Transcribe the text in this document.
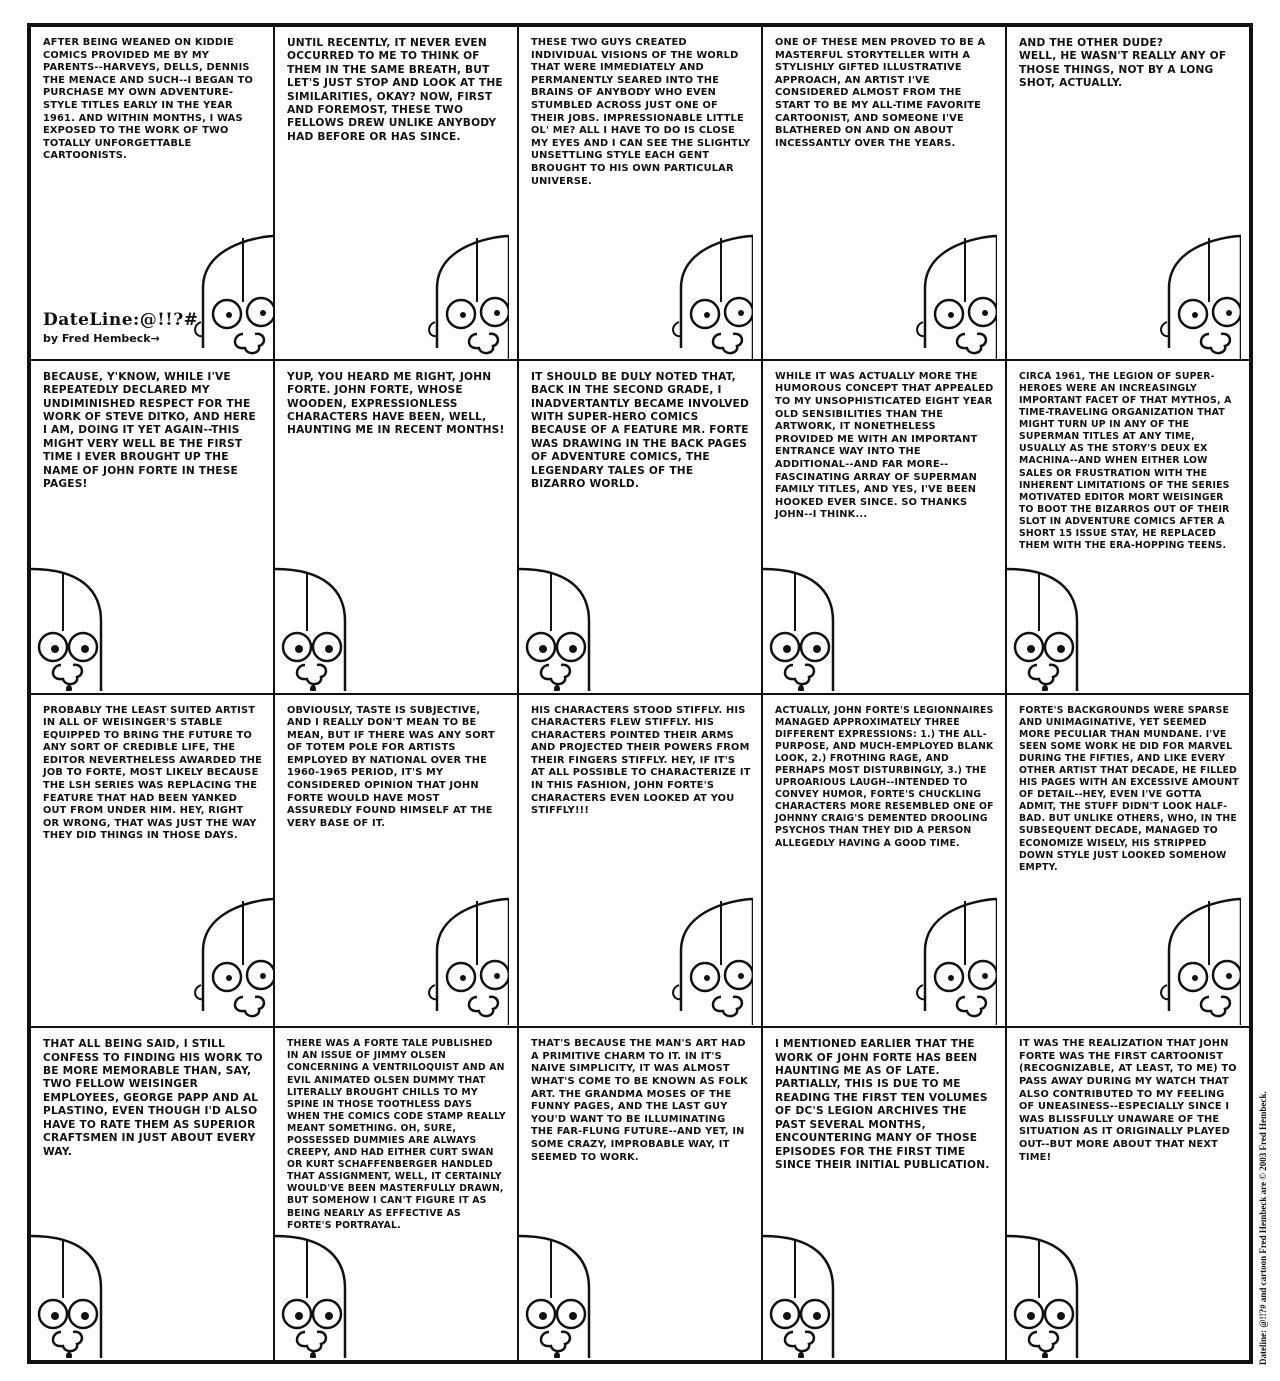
AFTER BEING WEANED ON KIDDIE COMICS PROVIDED ME BY MY PARENTS--HARVEYS, DELLS, DENNIS THE MENACE AND SUCH--I BEGAN TO PURCHASE MY OWN ADVENTURE-STYLE TITLES EARLY IN THE YEAR 1961. AND WITHIN MONTHS, I WAS EXPOSED TO THE WORK OF TWO TOTALLY UNFORGETTABLE CARTOONISTS.
DateLine:@!!?#
by Fred Hembeck→
UNTIL RECENTLY, IT NEVER EVEN OCCURRED TO ME TO THINK OF THEM IN THE SAME BREATH, BUT LET'S JUST STOP AND LOOK AT THE SIMILARITIES, OKAY? NOW, FIRST AND FOREMOST, THESE TWO FELLOWS DREW UNLIKE ANYBODY HAD BEFORE OR HAS SINCE.
THESE TWO GUYS CREATED INDIVIDUAL VISIONS OF THE WORLD THAT WERE IMMEDIATELY AND PERMANENTLY SEARED INTO THE BRAINS OF ANYBODY WHO EVEN STUMBLED ACROSS JUST ONE OF THEIR JOBS. IMPRESSIONABLE LITTLE OL' ME? ALL I HAVE TO DO IS CLOSE MY EYES AND I CAN SEE THE SLIGHTLY UNSETTLING STYLE EACH GENT BROUGHT TO HIS OWN PARTICULAR UNIVERSE.
ONE OF THESE MEN PROVED TO BE A MASTERFUL STORYTELLER WITH A STYLISHLY GIFTED ILLUSTRATIVE APPROACH, AN ARTIST I'VE CONSIDERED ALMOST FROM THE START TO BE MY ALL-TIME FAVORITE CARTOONIST, AND SOMEONE I'VE BLATHERED ON AND ON ABOUT INCESSANTLY OVER THE YEARS.
AND THE OTHER DUDE?
WELL, HE WASN'T REALLY ANY OF THOSE THINGS, NOT BY A LONG SHOT, ACTUALLY.
BECAUSE, Y'KNOW, WHILE I'VE REPEATEDLY DECLARED MY UNDIMINISHED RESPECT FOR THE WORK OF STEVE DITKO, AND HERE I AM, DOING IT YET AGAIN--THIS MIGHT VERY WELL BE THE FIRST TIME I EVER BROUGHT UP THE NAME OF JOHN FORTE IN THESE PAGES!
YUP, YOU HEARD ME RIGHT, JOHN FORTE. JOHN FORTE, WHOSE WOODEN, EXPRESSIONLESS CHARACTERS HAVE BEEN, WELL, HAUNTING ME IN RECENT MONTHS!
IT SHOULD BE DULY NOTED THAT, BACK IN THE SECOND GRADE, I INADVERTANTLY BECAME INVOLVED WITH SUPER-HERO COMICS BECAUSE OF A FEATURE MR. FORTE WAS DRAWING IN THE BACK PAGES OF ADVENTURE COMICS, THE LEGENDARY TALES OF THE BIZARRO WORLD.
WHILE IT WAS ACTUALLY MORE THE HUMOROUS CONCEPT THAT APPEALED TO MY UNSOPHISTICATED EIGHT YEAR OLD SENSIBILITIES THAN THE ARTWORK, IT NONETHELESS PROVIDED ME WITH AN IMPORTANT ENTRANCE WAY INTO THE ADDITIONAL--AND FAR MORE--FASCINATING ARRAY OF SUPERMAN FAMILY TITLES, AND YES, I'VE BEEN HOOKED EVER SINCE. SO THANKS JOHN--I THINK...
CIRCA 1961, THE LEGION OF SUPER-HEROES WERE AN INCREASINGLY IMPORTANT FACET OF THAT MYTHOS, A TIME-TRAVELING ORGANIZATION THAT MIGHT TURN UP IN ANY OF THE SUPERMAN TITLES AT ANY TIME, USUALLY AS THE STORY'S DEUX EX MACHINA--AND WHEN EITHER LOW SALES OR FRUSTRATION WITH THE INHERENT LIMITATIONS OF THE SERIES MOTIVATED EDITOR MORT WEISINGER TO BOOT THE BIZARROS OUT OF THEIR SLOT IN ADVENTURE COMICS AFTER A SHORT 15 ISSUE STAY, HE REPLACED THEM WITH THE ERA-HOPPING TEENS.
PROBABLY THE LEAST SUITED ARTIST IN ALL OF WEISINGER'S STABLE EQUIPPED TO BRING THE FUTURE TO ANY SORT OF CREDIBLE LIFE, THE EDITOR NEVERTHELESS AWARDED THE JOB TO FORTE, MOST LIKELY BECAUSE THE LSH SERIES WAS REPLACING THE FEATURE THAT HAD BEEN YANKED OUT FROM UNDER HIM. HEY, RIGHT OR WRONG, THAT WAS JUST THE WAY THEY DID THINGS IN THOSE DAYS.
OBVIOUSLY, TASTE IS SUBJECTIVE, AND I REALLY DON'T MEAN TO BE MEAN, BUT IF THERE WAS ANY SORT OF TOTEM POLE FOR ARTISTS EMPLOYED BY NATIONAL OVER THE 1960-1965 PERIOD, IT'S MY CONSIDERED OPINION THAT JOHN FORTE WOULD HAVE MOST ASSUREDLY FOUND HIMSELF AT THE VERY BASE OF IT.
HIS CHARACTERS STOOD STIFFLY. HIS CHARACTERS FLEW STIFFLY. HIS CHARACTERS POINTED THEIR ARMS AND PROJECTED THEIR POWERS FROM THEIR FINGERS STIFFLY. HEY, IF IT'S AT ALL POSSIBLE TO CHARACTERIZE IT IN THIS FASHION, JOHN FORTE'S CHARACTERS EVEN LOOKED AT YOU STIFFLY!!!
ACTUALLY, JOHN FORTE'S LEGIONNAIRES MANAGED APPROXIMATELY THREE DIFFERENT EXPRESSIONS: 1.) THE ALL-PURPOSE, AND MUCH-EMPLOYED BLANK LOOK, 2.) FROTHING RAGE, AND PERHAPS MOST DISTURBINGLY, 3.) THE UPROARIOUS LAUGH--INTENDED TO CONVEY HUMOR, FORTE'S CHUCKLING CHARACTERS MORE RESEMBLED ONE OF JOHNNY CRAIG'S DEMENTED DROOLING PSYCHOS THAN THEY DID A PERSON ALLEGEDLY HAVING A GOOD TIME.
FORTE'S BACKGROUNDS WERE SPARSE AND UNIMAGINATIVE, YET SEEMED MORE PECULIAR THAN MUNDANE. I'VE SEEN SOME WORK HE DID FOR MARVEL DURING THE FIFTIES, AND LIKE EVERY OTHER ARTIST THAT DECADE, HE FILLED HIS PAGES WITH AN EXCESSIVE AMOUNT OF DETAIL--HEY, EVEN I'VE GOTTA ADMIT, THE STUFF DIDN'T LOOK HALF-BAD. BUT UNLIKE OTHERS, WHO, IN THE SUBSEQUENT DECADE, MANAGED TO ECONOMIZE WISELY, HIS STRIPPED DOWN STYLE JUST LOOKED SOMEHOW EMPTY.
THAT ALL BEING SAID, I STILL CONFESS TO FINDING HIS WORK TO BE MORE MEMORABLE THAN, SAY, TWO FELLOW WEISINGER EMPLOYEES, GEORGE PAPP AND AL PLASTINO, EVEN THOUGH I'D ALSO HAVE TO RATE THEM AS SUPERIOR CRAFTSMEN IN JUST ABOUT EVERY WAY.
THERE WAS A FORTE TALE PUBLISHED IN AN ISSUE OF JIMMY OLSEN CONCERNING A VENTRILOQUIST AND AN EVIL ANIMATED OLSEN DUMMY THAT LITERALLY BROUGHT CHILLS TO MY SPINE IN THOSE TOOTHLESS DAYS WHEN THE COMICS CODE STAMP REALLY MEANT SOMETHING. OH, SURE, POSSESSED DUMMIES ARE ALWAYS CREEPY, AND HAD EITHER CURT SWAN OR KURT SCHAFFENBERGER HANDLED THAT ASSIGNMENT, WELL, IT CERTAINLY WOULD'VE BEEN MASTERFULLY DRAWN, BUT SOMEHOW I CAN'T FIGURE IT AS BEING NEARLY AS EFFECTIVE AS FORTE'S PORTRAYAL.
THAT'S BECAUSE THE MAN'S ART HAD A PRIMITIVE CHARM TO IT. IN IT'S NAIVE SIMPLICITY, IT WAS ALMOST WHAT'S COME TO BE KNOWN AS FOLK ART. THE GRANDMA MOSES OF THE FUNNY PAGES, AND THE LAST GUY YOU'D WANT TO BE ILLUMINATING THE FAR-FLUNG FUTURE--AND YET, IN SOME CRAZY, IMPROBABLE WAY, IT SEEMED TO WORK.
I MENTIONED EARLIER THAT THE WORK OF JOHN FORTE HAS BEEN HAUNTING ME AS OF LATE. PARTIALLY, THIS IS DUE TO ME READING THE FIRST TEN VOLUMES OF DC'S LEGION ARCHIVES THE PAST SEVERAL MONTHS, ENCOUNTERING MANY OF THOSE EPISODES FOR THE FIRST TIME SINCE THEIR INITIAL PUBLICATION.
IT WAS THE REALIZATION THAT JOHN FORTE WAS THE FIRST CARTOONIST (RECOGNIZABLE, AT LEAST, TO ME) TO PASS AWAY DURING MY WATCH THAT ALSO CONTRIBUTED TO MY FEELING OF UNEASINESS--ESPECIALLY SINCE I WAS BLISSFULLY UNAWARE OF THE SITUATION AS IT ORIGINALLY PLAYED OUT--BUT MORE ABOUT THAT NEXT TIME!	Dateline: @!!?# and cartoon Fred Hembeck are © 2003 Fred Hembeck.
